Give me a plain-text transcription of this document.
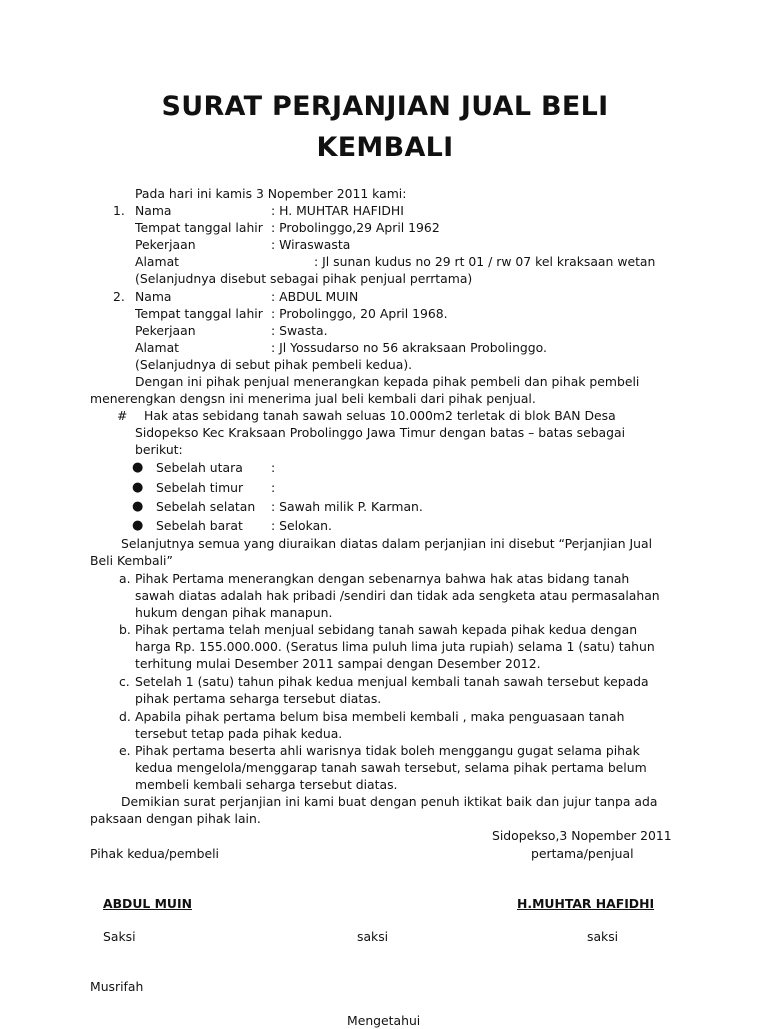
SURAT PERJANJIAN JUAL BELI
KEMBALI
Pada hari ini kamis 3 Nopember 2011 kami:
1. Nama	: H. MUHTAR HAFIDHI
Tempat tanggal lahir : Probolinggo,29 April 1962
Pekerjaan	: Wiraswasta
Alamat	: Jl sunan kudus no 29 rt 01 / rw 07 kel kraksaan wetan
(Selanjudnya disebut sebagai pihak penjual perrtama)
2. Nama	: ABDUL MUIN
Tempat tanggal lahir : Probolinggo, 20 April 1968.
Pekerjaan	: Swasta.
Alamat	: Jl Yossudarso no 56 akraksaan Probolinggo.
(Selanjudnya di sebut pihak pembeli kedua).
Dengan ini pihak penjual menerangkan kepada pihak pembeli dan pihak pembeli
menerengkan dengsn ini menerima jual beli kembali dari pihak penjual.
# Hak atas sebidang tanah sawah seluas 10.000m2 terletak di blok BAN Desa
Sidopekso Kec Kraksaan Probolinggo Jawa Timur dengan batas – batas sebagai
berikut:
● Sebelah utara :
● Sebelah timur :
● Sebelah selatan : Sawah milik P. Karman.
● Sebelah barat : Selokan.
Selanjutnya semua yang diuraikan diatas dalam perjanjian ini disebut “Perjanjian Jual
Beli Kembali”
a. Pihak Pertama menerangkan dengan sebenarnya bahwa hak atas bidang tanah
sawah diatas adalah hak pribadi /sendiri dan tidak ada sengketa atau permasalahan
hukum dengan pihak manapun.
b. Pihak pertama telah menjual sebidang tanah sawah kepada pihak kedua dengan
harga Rp. 155.000.000. (Seratus lima puluh lima juta rupiah) selama 1 (satu) tahun
terhitung mulai Desember 2011 sampai dengan Desember 2012.
c. Setelah 1 (satu) tahun pihak kedua menjual kembali tanah sawah tersebut kepada
pihak pertama seharga tersebut diatas.
d. Apabila pihak pertama belum bisa membeli kembali , maka penguasaan tanah
tersebut tetap pada pihak kedua.
e. Pihak pertama beserta ahli warisnya tidak boleh menggangu gugat selama pihak
kedua mengelola/menggarap tanah sawah tersebut, selama pihak pertama belum
membeli kembali seharga tersebut diatas.
Demikian surat perjanjian ini kami buat dengan penuh iktikat baik dan jujur tanpa ada
paksaan dengan pihak lain.
Sidopekso,3 Nopember 2011
Pihak kedua/pembeli	pertama/penjual
ABDUL MUIN	H.MUHTAR HAFIDHI
Saksi	saksi	saksi
Musrifah
Mengetahui
